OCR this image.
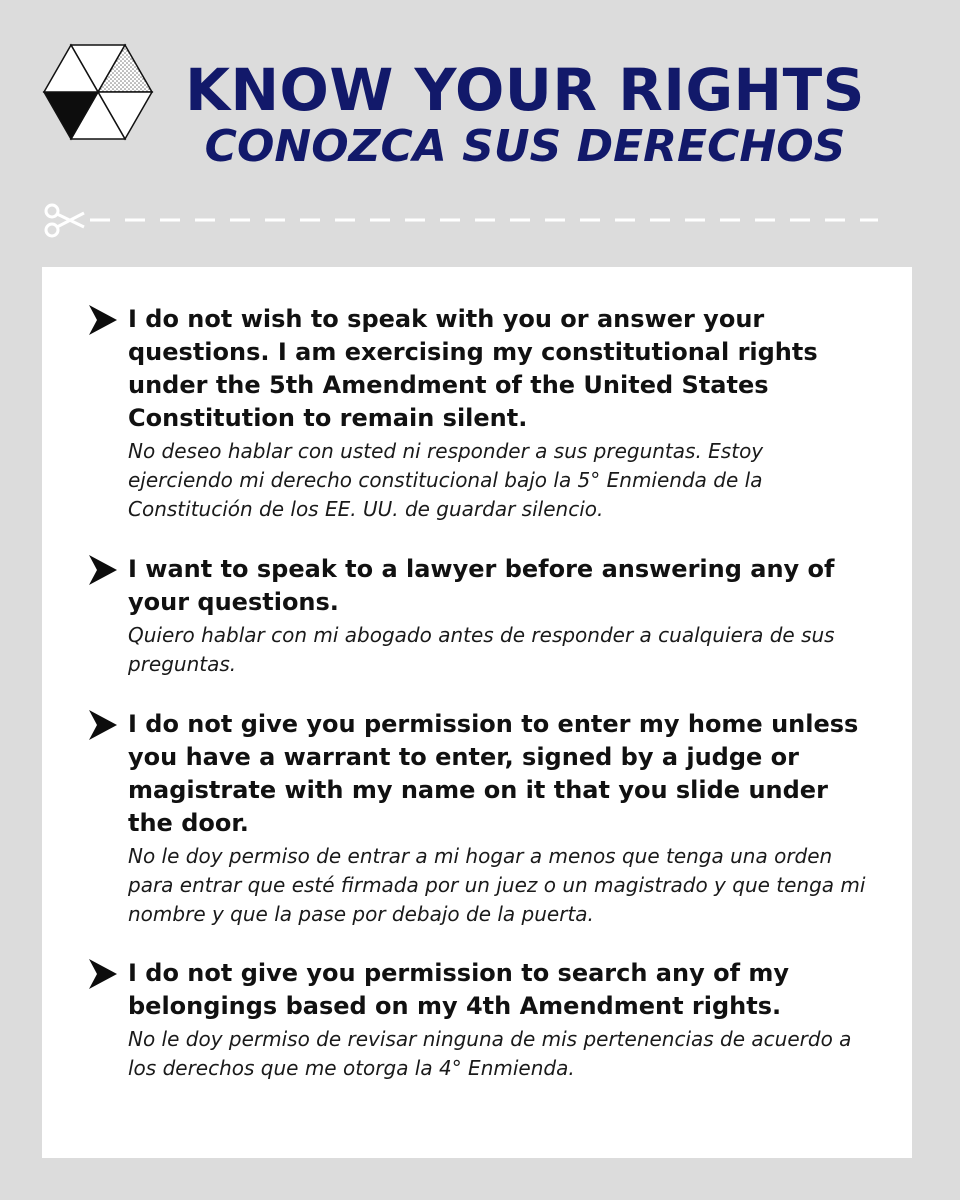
KNOW YOUR RIGHTS
CONOZCA SUS DERECHOS

I do not wish to speak with you or answer your questions. I am exercising my constitutional rights under the 5th Amendment of the United States Constitution to remain silent.

No deseo hablar con usted ni responder a sus preguntas. Estoy ejerciendo mi derecho constitucional bajo la 5° Enmienda de la Constitución de los EE. UU. de guardar silencio.

I want to speak to a lawyer before answering any of your questions.

Quiero hablar con mi abogado antes de responder a cualquiera de sus preguntas.

I do not give you permission to enter my home unless you have a warrant to enter, signed by a judge or magistrate with my name on it that you slide under the door.

No le doy permiso de entrar a mi hogar a menos que tenga una orden para entrar que esté firmada por un juez o un magistrado y que tenga mi nombre y que la pase por debajo de la puerta.

I do not give you permission to search any of my belongings based on my 4th Amendment rights.

No le doy permiso de revisar ninguna de mis pertenencias de acuerdo a los derechos que me otorga la 4° Enmienda.
